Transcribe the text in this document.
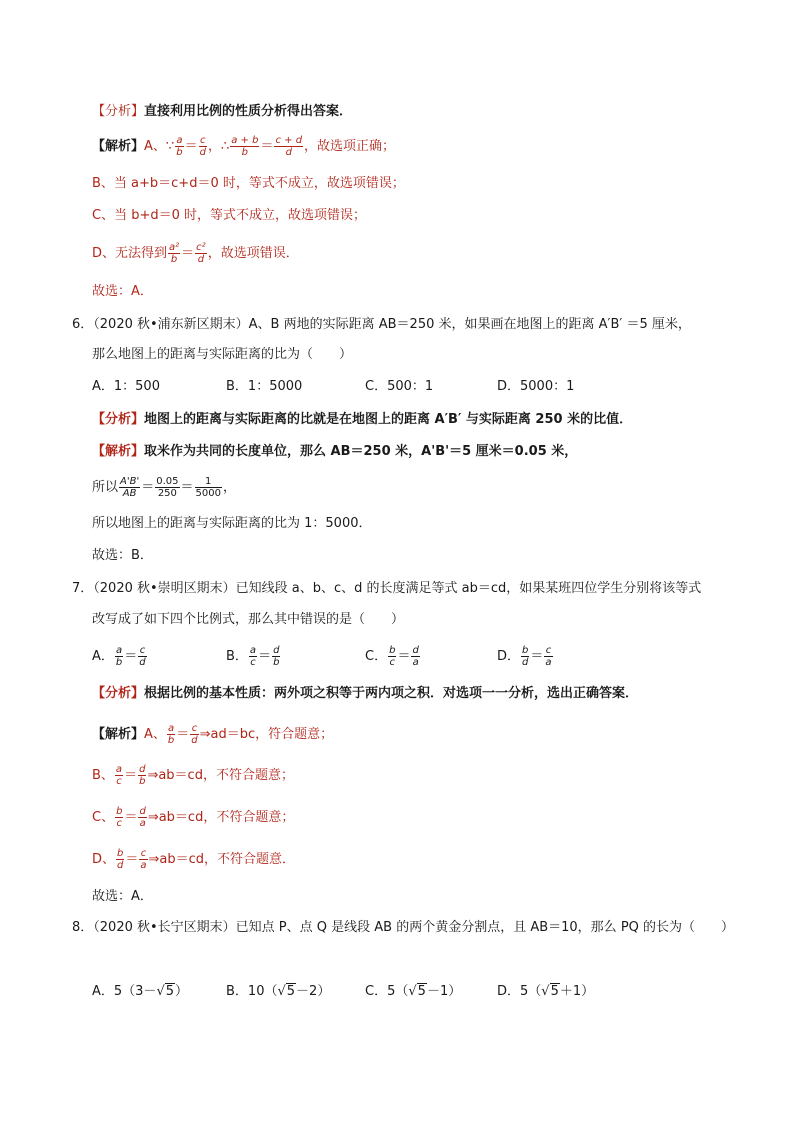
【分析】直接利用比例的性质分析得出答案．
【解析】A、∵ $\frac{a}{b} = \frac{c}{d}$ ，∴ $\frac{a + b}{b} = \frac{c + d}{d}$ ，故选项正确；
B、当 a+b＝c+d＝0 时，等式不成立，故选项错误；
C、当 b+d＝0 时，等式不成立，故选项错误；
D、无法得到 $\frac{\text{a²}}{b} = \frac{\text{c²}}{d}$ ，故选项错误．
故选：A．
6．（2020 秋•浦东新区期末）A、B 两地的实际距离 AB＝250 米，如果画在地图上的距离 A′B′ ＝5 厘米，
那么地图上的距离与实际距离的比为（　　）
A．1：500	B．1：5000	C．500：1	D．5000：1
【分析】地图上的距离与实际距离的比就是在地图上的距离 A′B′ 与实际距离 250 米的比值．
【解析】取米作为共同的长度单位，那么 AB＝250 米，A'B'＝5 厘米＝0.05 米，
所以 $\frac{A'B'}{AB} = \frac{0.05}{250} = \frac{1}{5000}$ ，
所以地图上的距离与实际距离的比为 1：5000．
故选：B．
7．（2020 秋•崇明区期末）已知线段 a、b、c、d 的长度满足等式 ab＝cd，如果某班四位学生分别将该等式
改写成了如下四个比例式，那么其中错误的是（　　）
A． $\frac{a}{b} = \frac{c}{d}$	B． $\frac{a}{c} = \frac{d}{b}$	C． $\frac{b}{c} = \frac{d}{a}$	D． $\frac{b}{d} = \frac{c}{a}$
【分析】根据比例的基本性质：两外项之积等于两内项之积．对选项一一分析，选出正确答案．
【解析】A、 $\frac{a}{b} = \frac{c}{d}$ ⇒ad＝bc，符合题意；
B、 $\frac{a}{c} = \frac{d}{b}$ ⇒ab＝cd，不符合题意；
C、 $\frac{b}{c} = \frac{d}{a}$ ⇒ab＝cd，不符合题意；
D、 $\frac{b}{d} = \frac{c}{a}$ ⇒ab＝cd，不符合题意．
故选：A．
8．（2020 秋•长宁区期末）已知点 P、点 Q 是线段 AB 的两个黄金分割点，且 AB＝10，那么 PQ 的长为（　　）
A．5（3－√5）	B．10（√5－2）	C．5（√5－1）	D．5（√5＋1）
